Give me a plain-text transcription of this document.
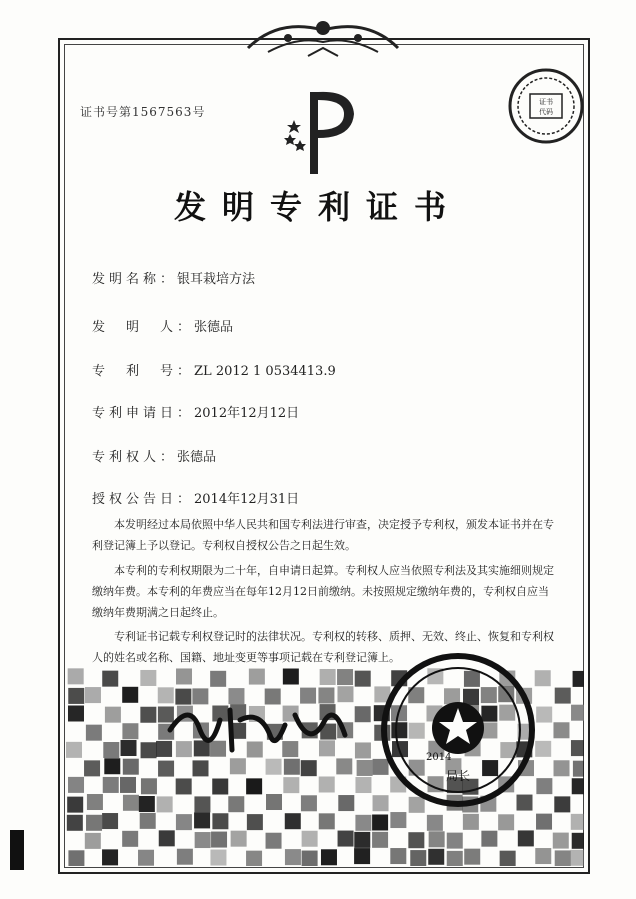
证书号第1567563号
证书
代码
发明专利证书
发明名称：银耳栽培方法
发　明　人：张德品
专　利　号：ZL 2012 1 0534413.9
专利申请日：2012年12月12日
专利权人：张德品
授权公告日：2014年12月31日
本发明经过本局依照中华人民共和国专利法进行审查，决定授予专利权，颁发本证书并在专利登记簿上予以登记。专利权自授权公告之日起生效。
本专利的专利权期限为二十年，自申请日起算。专利权人应当依照专利法及其实施细则规定缴纳年费。本专利的年费应当在每年12月12日前缴纳。未按照规定缴纳年费的，专利权自应当缴纳年费期满之日起终止。
专利证书记载专利权登记时的法律状况。专利权的转移、质押、无效、终止、恢复和专利权人的姓名或名称、国籍、地址变更等事项记载在专利登记簿上。
局长
2014
